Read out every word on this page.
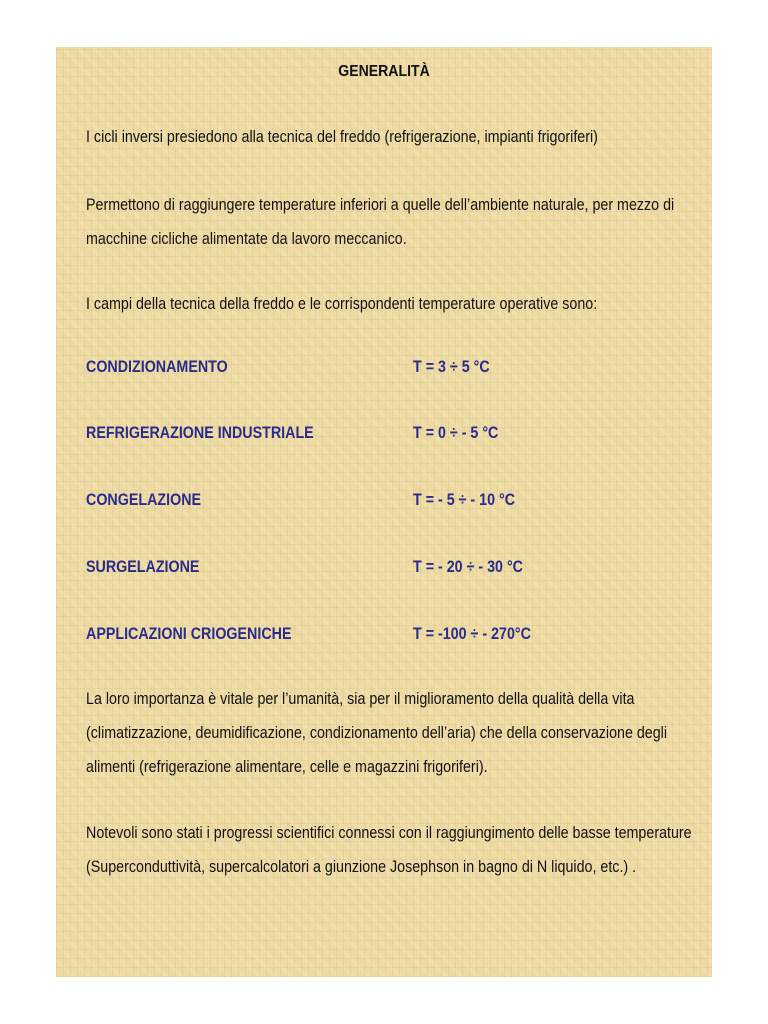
GENERALITÀ
I cicli inversi presiedono alla tecnica del freddo (refrigerazione, impianti frigoriferi)
Permettono di raggiungere temperature inferiori a quelle dell’ambiente naturale, per mezzo di
macchine cicliche alimentate da lavoro meccanico.
I campi della tecnica della freddo e le corrispondenti temperature operative sono:
CONDIZIONAMENTO	T = 3 ÷ 5 °C
REFRIGERAZIONE INDUSTRIALE	T = 0 ÷ - 5 °C
CONGELAZIONE	T = - 5 ÷ - 10 °C
SURGELAZIONE	T = - 20 ÷ - 30 °C
APPLICAZIONI CRIOGENICHE	T = -100 ÷ - 270°C
La loro importanza è vitale per l’umanità, sia per il miglioramento della qualità della vita
(climatizzazione, deumidificazione, condizionamento dell’aria) che della conservazione degli
alimenti (refrigerazione alimentare, celle e magazzini frigoriferi).
Notevoli sono stati i progressi scientifici connessi con il raggiungimento delle basse temperature
(Superconduttività, supercalcolatori a giunzione Josephson in bagno di N liquido, etc.) .
